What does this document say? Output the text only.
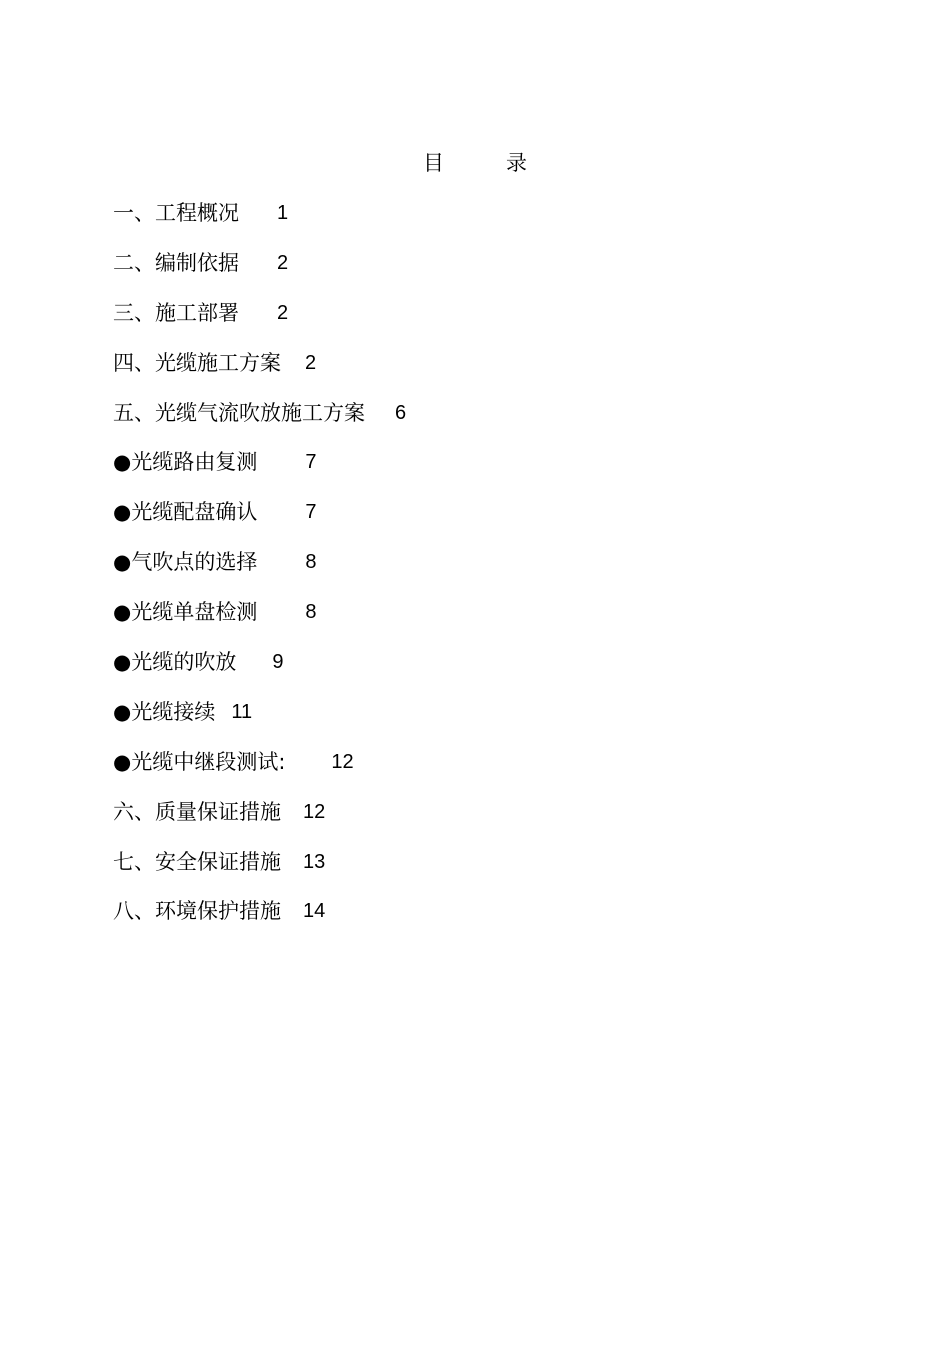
目	录
一、工程概况 1
二、编制依据 2
三、施工部署 2
四、光缆施工方案 2
五、光缆气流吹放施工方案 6
●光缆路由复测 7
●光缆配盘确认 7
●气吹点的选择 8
●光缆单盘检测 8
●光缆的吹放 9
●光缆接续 11
●光缆中继段测试: 12
六、质量保证措施 12
七、安全保证措施 13
八、环境保护措施 14
